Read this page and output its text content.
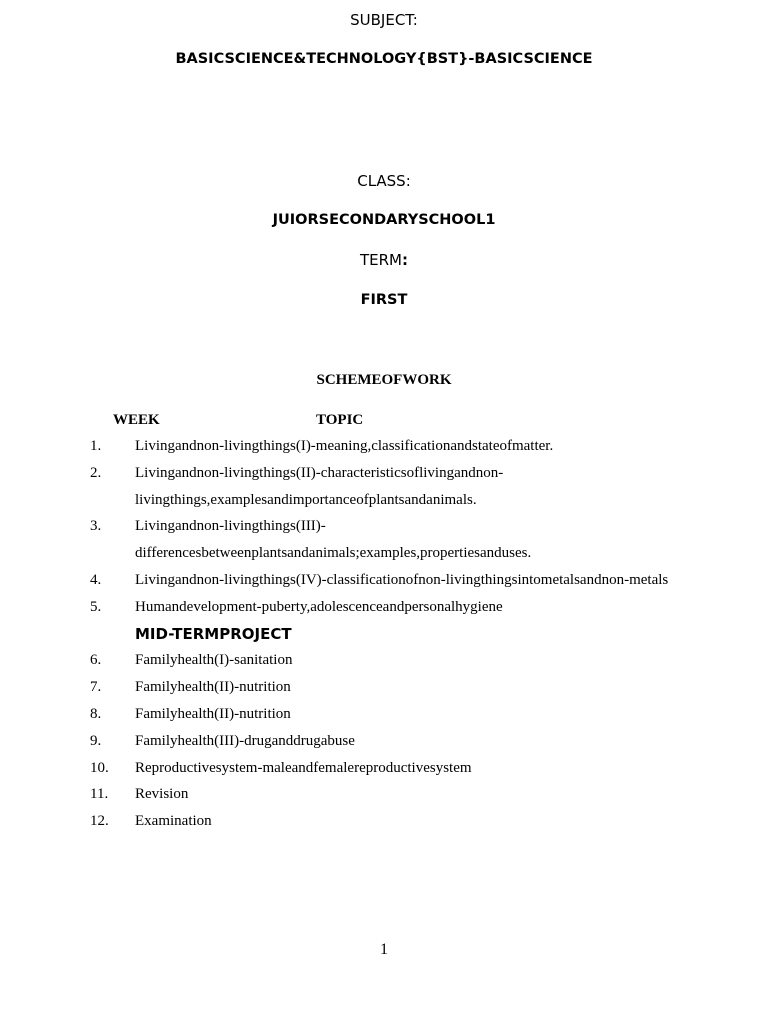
SUBJECT:
BASICSCIENCE&TECHNOLOGY{BST}-BASICSCIENCE
CLASS:
JUIORSECONDARYSCHOOL1
TERM:
FIRST
SCHEMEOFWORK
WEEK	TOPIC
1. Livingandnon-livingthings(I)-meaning,classificationandstateofmatter.
2. Livingandnon-livingthings(II)-characteristicsoflivingandnon-
livingthings,examplesandimportanceofplantsandanimals.
3. Livingandnon-livingthings(III)-
differencesbetweenplantsandanimals;examples,propertiesanduses.
4. Livingandnon-livingthings(IV)-classificationofnon-livingthingsintometalsandnon-metals
5. Humandevelopment-puberty,adolescenceandpersonalhygiene
MID-TERMPROJECT
6. Familyhealth(I)-sanitation
7. Familyhealth(II)-nutrition
8. Familyhealth(II)-nutrition
9. Familyhealth(III)-druganddrugabuse
10. Reproductivesystem-maleandfemalereproductivesystem
11. Revision
12. Examination
1
